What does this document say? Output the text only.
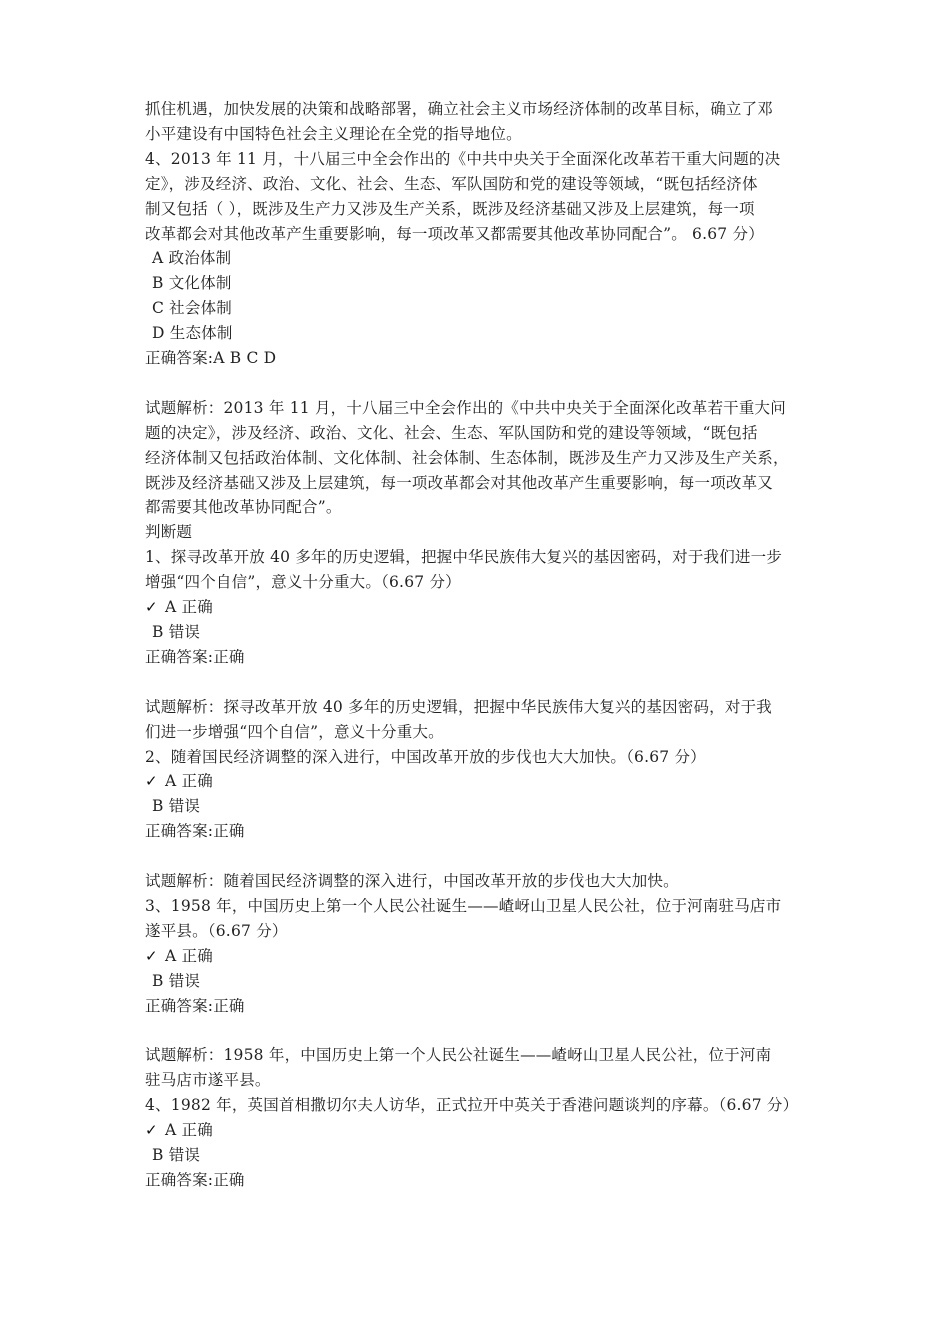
抓住机遇，加快发展的决策和战略部署，确立社会主义市场经济体制的改革目标，确立了邓
小平建设有中国特色社会主义理论在全党的指导地位。
4、2013 年 11 月，十八届三中全会作出的《中共中央关于全面深化改革若干重大问题的决
定》，涉及经济、政治、文化、社会、生态、军队国防和党的建设等领域，“既包括经济体
制又包括（ ），既涉及生产力又涉及生产关系，既涉及经济基础又涉及上层建筑，每一项
改革都会对其他改革产生重要影响，每一项改革又都需要其他改革协同配合”。 6.67 分）
A 政治体制
B 文化体制
C 社会体制
D 生态体制
正确答案:A B C D
试题解析：2013 年 11 月，十八届三中全会作出的《中共中央关于全面深化改革若干重大问
题的决定》，涉及经济、政治、文化、社会、生态、军队国防和党的建设等领域，“既包括
经济体制又包括政治体制、文化体制、社会体制、生态体制，既涉及生产力又涉及生产关系，
既涉及经济基础又涉及上层建筑，每一项改革都会对其他改革产生重要影响，每一项改革又
都需要其他改革协同配合”。
判断题
1、探寻改革开放 40 多年的历史逻辑，把握中华民族伟大复兴的基因密码，对于我们进一步
增强“四个自信”，意义十分重大。（6.67 分）
✓ A 正确
B 错误
正确答案:正确
试题解析：探寻改革开放 40 多年的历史逻辑，把握中华民族伟大复兴的基因密码，对于我
们进一步增强“四个自信”，意义十分重大。
2、随着国民经济调整的深入进行，中国改革开放的步伐也大大加快。（6.67 分）
✓ A 正确
B 错误
正确答案:正确
试题解析：随着国民经济调整的深入进行，中国改革开放的步伐也大大加快。
3、1958 年，中国历史上第一个人民公社诞生——嵖岈山卫星人民公社，位于河南驻马店市
遂平县。（6.67 分）
✓ A 正确
B 错误
正确答案:正确
试题解析：1958 年，中国历史上第一个人民公社诞生——嵖岈山卫星人民公社，位于河南
驻马店市遂平县。
4、1982 年，英国首相撒切尔夫人访华，正式拉开中英关于香港问题谈判的序幕。（6.67 分）
✓ A 正确
B 错误
正确答案:正确
